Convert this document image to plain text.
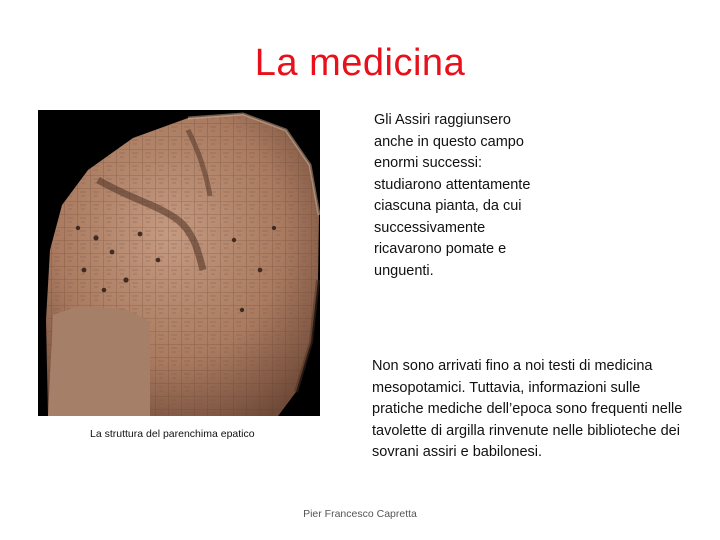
La medicina
La struttura del parenchima epatico
Gli Assiri raggiunsero anche in questo campo enormi successi: studiarono attentamente ciascuna pianta, da cui successivamente ricavarono pomate e unguenti.
Non sono arrivati fino a noi testi di medicina mesopotamici. Tuttavia, informazioni sulle pratiche mediche dell’epoca sono frequenti nelle tavolette di argilla rinvenute nelle biblioteche dei sovrani assiri e babilonesi.
Pier Francesco Capretta
